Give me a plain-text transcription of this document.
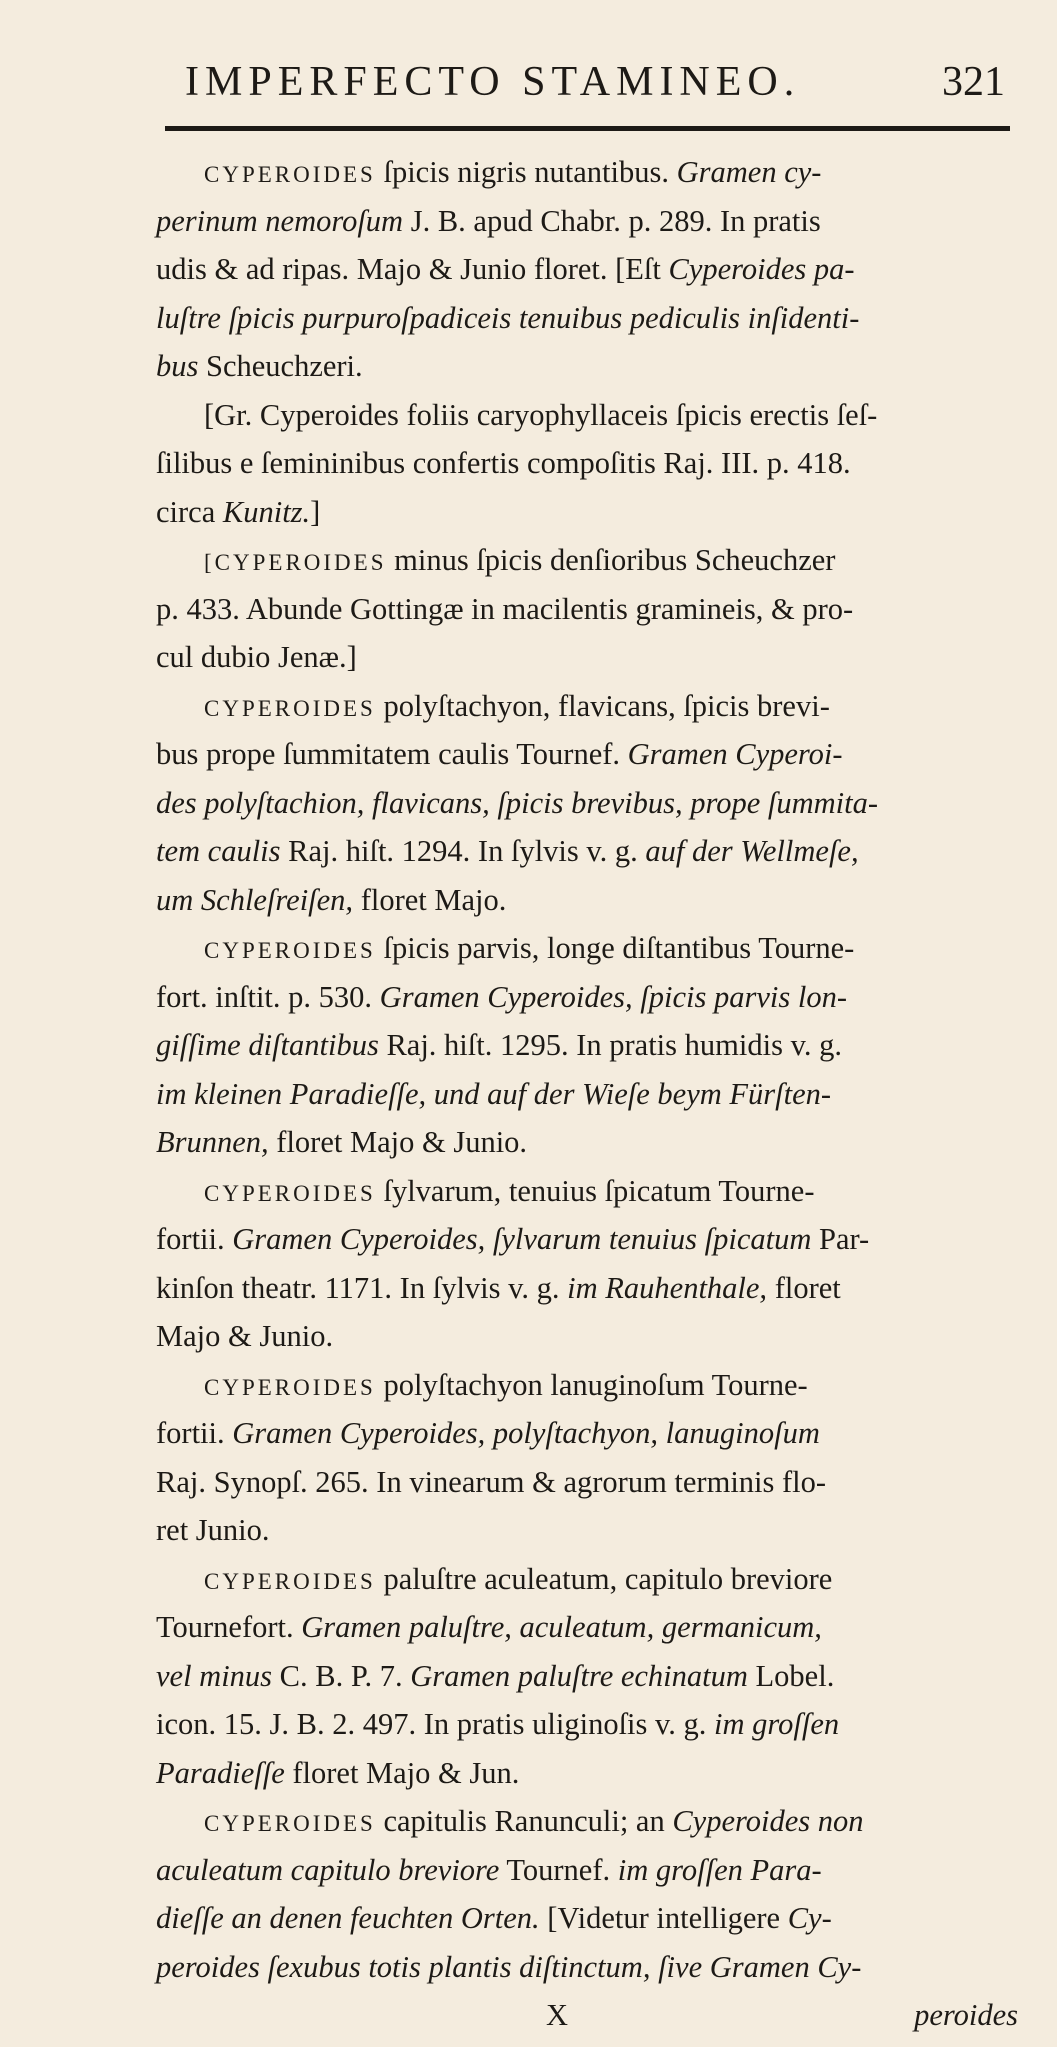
IMPERFECTO STAMINEO.	321
CYPEROIDES ſpicis nigris nutantibus. Gramen cy-
perinum nemoroſum J. B. apud Chabr. p. 289. In pratis
udis & ad ripas. Majo & Junio floret. [Eſt Cyperoides pa-
luſtre ſpicis purpuroſpadiceis tenuibus pediculis inſidenti-
bus Scheuchzeri.
[Gr. Cyperoides foliis caryophyllaceis ſpicis erectis ſeſ-
ſilibus e ſemininibus confertis compoſitis Raj. III. p. 418.
circa Kunitz.]
[CYPEROIDES minus ſpicis denſioribus Scheuchzer
p. 433. Abunde Gottingæ in macilentis gramineis, & pro-
cul dubio Jenæ.]
CYPEROIDES polyſtachyon, flavicans, ſpicis brevi-
bus prope ſummitatem caulis Tournef. Gramen Cyperoi-
des polyſtachion, flavicans, ſpicis brevibus, prope ſummita-
tem caulis Raj. hiſt. 1294. In ſylvis v. g. auf der Wellmeſe,
um Schleſreiſen, floret Majo.
CYPEROIDES ſpicis parvis, longe diſtantibus Tourne-
fort. inſtit. p. 530. Gramen Cyperoides, ſpicis parvis lon-
giſſime diſtantibus Raj. hiſt. 1295. In pratis humidis v. g.
im kleinen Paradieſſe, und auf der Wieſe beym Fürſten-
Brunnen, floret Majo & Junio.
CYPEROIDES ſylvarum, tenuius ſpicatum Tourne-
fortii. Gramen Cyperoides, ſylvarum tenuius ſpicatum Par-
kinſon theatr. 1171. In ſylvis v. g. im Rauhenthale, floret
Majo & Junio.
CYPEROIDES polyſtachyon lanuginoſum Tourne-
fortii. Gramen Cyperoides, polyſtachyon, lanuginoſum
Raj. Synopſ. 265. In vinearum & agrorum terminis flo-
ret Junio.
CYPEROIDES paluſtre aculeatum, capitulo breviore
Tournefort. Gramen paluſtre, aculeatum, germanicum,
vel minus C. B. P. 7. Gramen paluſtre echinatum Lobel.
icon. 15. J. B. 2. 497. In pratis uliginoſis v. g. im groſſen
Paradieſſe floret Majo & Jun.
CYPEROIDES capitulis Ranunculi; an Cyperoides non
aculeatum capitulo breviore Tournef. im groſſen Para-
dieſſe an denen feuchten Orten. [Videtur intelligere Cy-
peroides ſexubus totis plantis diſtinctum, ſive Gramen Cy-
X	peroides
